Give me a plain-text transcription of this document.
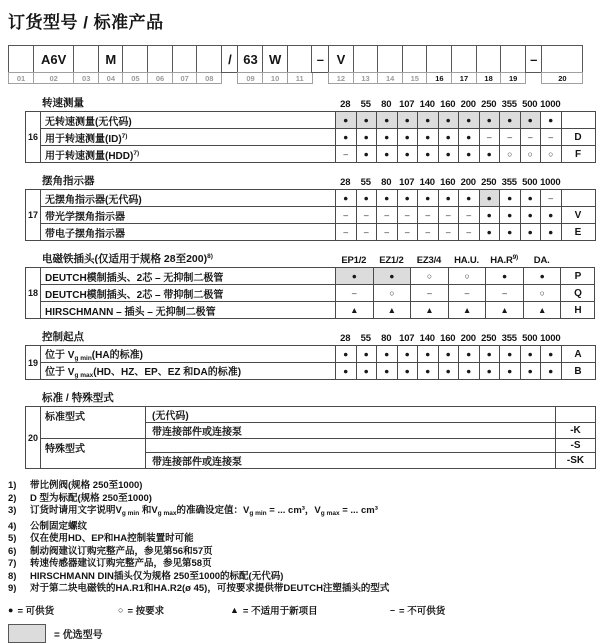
订货型号 / 标准产品
01
A6V
02	03
M
04	05	06	07	08
/ 63
09
W
10	11
– V
12	13	14	15	16	17	18	19
–
20
转速测量	28	55	80 107 140 160 200 250 355 500 1000
16	无转速测量(无代码)	●	●	●	●	●	●	●	●	●	●	●	
	用于转速测量(ID)$^{7)}$	●	●	●	●	●	●	●	–	–	–	–	D
	用于转速测量(HDD)$^{7)}$	–	●	●	●	●	●	●	●	○	○	○	F
摆角指示器	28	55	80 107 140 160 200 250 355 500 1000
17	无摆角指示器(无代码)	●	●	●	●	●	●	●	●	●	●	–	
	带光学摆角指示器	–	–	–	–	–	–	–	●	●	●	●	V
	带电子摆角指示器	–	–	–	–	–	–	–	●	●	●	●	E
电磁铁插头(仅适用于规格 28至200)$^{8)}$	EP1/2	EZ1/2	EZ3/4	HA.U.	$HA.R^{9)}$	DA.
18	DEUTCH模制插头、2芯 – 无抑制二极管	●	●	○	○	●	●	P
	DEUTCH模制插头、2芯 – 带抑制二极管	–	○	–	–	–	○	Q
	HIRSCHMANN – 插头 – 无抑制二极管	▲	▲	▲	▲	▲	▲	H
控制起点	28	55	80 107 140 160 200 250 355 500 1000
19	位于 $V_{g min}(HA$的标准)	●	●	●	●	●	●	●	●	●	●	●	A
	位于 $V_{g max}(HD$、HZ、EP、EZ 和DA的标准)	●	●	●	●	●	●	●	●	●	●	●	B
标准 / 特殊型式
20	标准型式	(无代码)	
		带连接部件或连接泵	-K
	特殊型式		-S
		带连接部件或连接泵	-SK
1)	带比例阀(规格 250至1000)
2)	D 型为标配(规格 250至1000)
3)	订货时请用文字说明$V_{g min}$ 和$V_{g max}$的准确设定值：$V_{g min}$ = ... cm³，$V_{g max}$ = ... cm³
4)	公制固定螺纹
5)	仅在使用HD、EP和HA控制装置时可能
6)	制动阀建议订购完整产品，参见第56和57页
7)	转速传感器建议订购完整产品，参见第58页
8)	HIRSCHMANN DIN插头仅为规格 250至1000的标配(无代码)
9)	对于第二块电磁铁的HA.R1和HA.R2(ø 45)，可按要求提供带DEUTCH注塑插头的型式
● = 可供货	○ = 按要求	▲ = 不适用于新项目	– = 不可供货
= 优选型号
